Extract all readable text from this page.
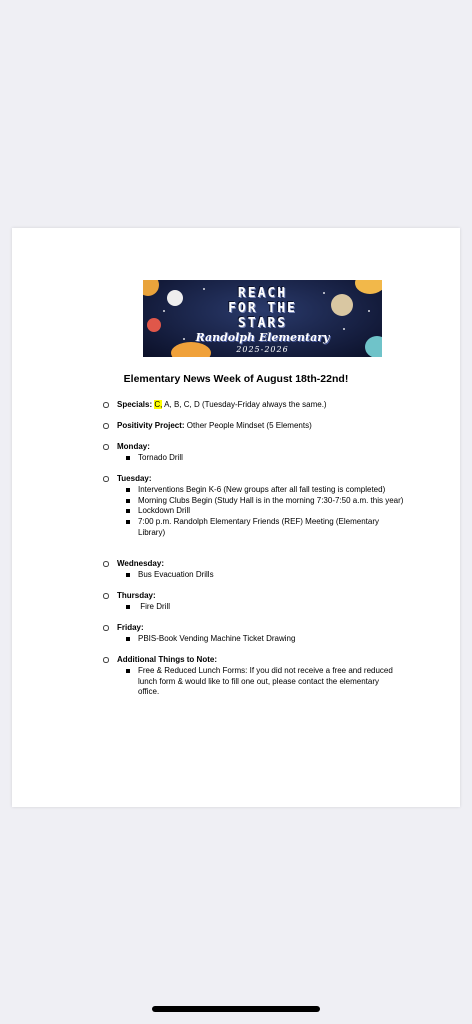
REACH
FOR THE
STARS
Randolph Elementary
2025-2026
Elementary News Week of August 18th-22nd!
Specials: C, A, B, C, D (Tuesday-Friday always the same.)
Positivity Project: Other People Mindset (5 Elements)
Monday:
Tornado Drill
Tuesday:
Interventions Begin K-6 (New groups after all fall testing is completed)
Morning Clubs Begin (Study Hall is in the morning 7:30-7:50 a.m. this year)
Lockdown Drill
7:00 p.m. Randolph Elementary Friends (REF) Meeting (Elementary Library)
Wednesday:
Bus Evacuation Drills
Thursday:
Fire Drill
Friday:
PBIS-Book Vending Machine Ticket Drawing
Additional Things to Note:
Free & Reduced Lunch Forms: If you did not receive a free and reduced lunch form & would like to fill one out, please contact the elementary office.
